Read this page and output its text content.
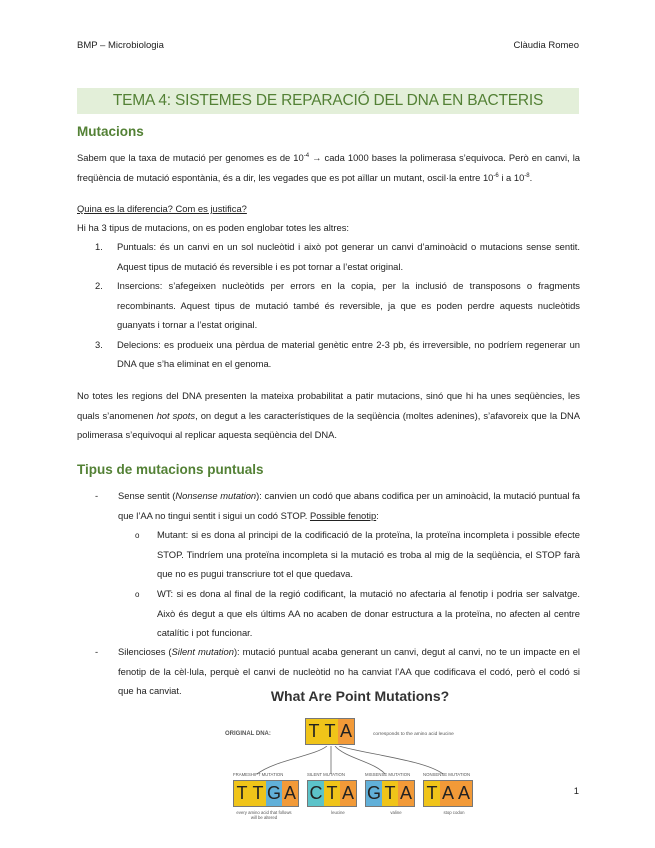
BMP – Microbiologia	Clàudia Romeo
TEMA 4: SISTEMES DE REPARACIÓ DEL DNA EN BACTERIS
Mutacions
Sabem que la taxa de mutació per genomes es de $10^{-4}$ → cada 1000 bases la polimerasa s’equivoca. Però en canvi, la freqüència de mutació espontània, és a dir, les vegades que es pot aïllar un mutant, oscil·la entre $10^{-6}$ i a $10^{-8}$.
Quina es la diferencia? Com es justifica?
Hi ha 3 tipus de mutacions, on es poden englobar totes les altres:
1. Puntuals: és un canvi en un sol nucleòtid i això pot generar un canvi d’aminoàcid o mutacions sense sentit. Aquest tipus de mutació és reversible i es pot tornar a l’estat original.
2. Insercions: s’afegeixen nucleòtids per errors en la copia, per la inclusió de transposons o fragments recombinants. Aquest tipus de mutació també és reversible, ja que es poden perdre aquests nucleòtids guanyats i tornar a l’estat original.
3. Delecions: es produeix una pèrdua de material genètic entre 2-3 pb, és irreversible, no podríem regenerar un DNA que s’ha eliminat en el genoma.
No totes les regions del DNA presenten la mateixa probabilitat a patir mutacions, sinó que hi ha unes seqüències, les quals s’anomenen hot spots, on degut a les característiques de la seqüència (moltes adenines), s’afavoreix que la DNA polimerasa s’equivoqui al replicar aquesta seqüència del DNA.
Tipus de mutacions puntuals
- Sense sentit (Nonsense mutation): canvien un codó que abans codifica per un aminoàcid, la mutació puntual fa que l’AA no tingui sentit i sigui un codó STOP. Possible fenotip:
o Mutant: si es dona al principi de la codificació de la proteïna, la proteïna incompleta i possible efecte STOP. Tindríem una proteïna incompleta si la mutació es troba al mig de la seqüència, el STOP farà que no es pugui transcriure tot el que quedava.
o WT: si es dona al final de la regió codificant, la mutació no afectaria al fenotip i podria ser salvatge. Això és degut a que els últims AA no acaben de donar estructura a la proteïna, no afecten al centre catalític i pot funcionar.
- Silencioses (Silent mutation): mutació puntual acaba generant un canvi, degut al canvi, no te un impacte en el fenotip de la cèl·lula, perquè el canvi de nucleòtid no ha canviat l’AA que codificava el codó, però el codó si que ha canviat.	What Are Point Mutations?
ORIGINAL DNA: T T A	corresponds to the amino acid leucine
FRAMESHIFT MUTATION
T T G A
every amino acid that follows will be altered
SILENT MUTATION
C T A
leucine
MISSENSE MUTATION
G T A
valine
NONSENSE MUTATION
T A A
stop codon
1
